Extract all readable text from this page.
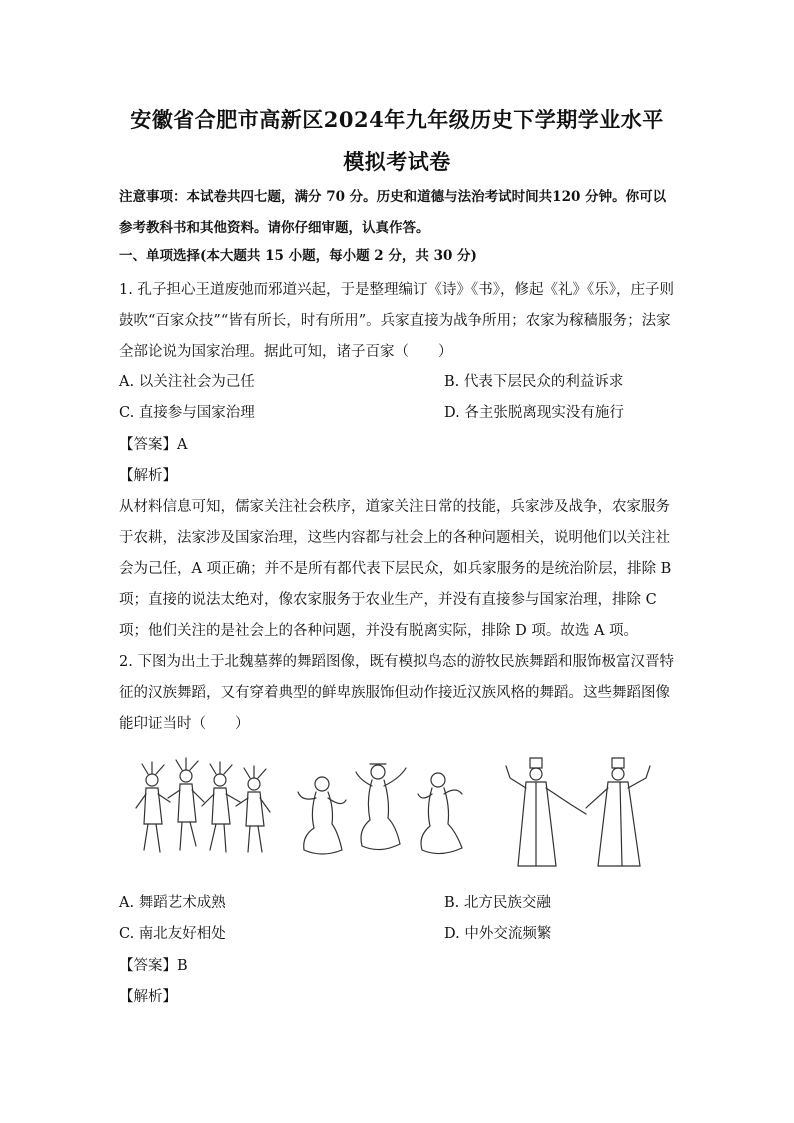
安徽省合肥市高新区2024年九年级历史下学期学业水平
模拟考试卷
注意事项：本试卷共四七题，满分 70 分。历史和道德与法治考试时间共120 分钟。你可以参考教科书和其他资料。请你仔细审题，认真作答。
一、单项选择(本大题共 15 小题，每小题 2 分，共 30 分)
1. 孔子担心王道废弛而邪道兴起，于是整理编订《诗》《书》，修起《礼》《乐》，庄子则鼓吹“百家众技”“皆有所长，时有所用”。兵家直接为战争所用；农家为稼穑服务；法家全部论说为国家治理。据此可知，诸子百家（　　）
A. 以关注社会为己任	B. 代表下层民众的利益诉求
C. 直接参与国家治理	D. 各主张脱离现实没有施行
【答案】A
【解析】
从材料信息可知，儒家关注社会秩序，道家关注日常的技能，兵家涉及战争，农家服务于农耕，法家涉及国家治理，这些内容都与社会上的各种问题相关，说明他们以关注社会为己任，A 项正确；并不是所有都代表下层民众，如兵家服务的是统治阶层，排除 B 项；直接的说法太绝对，像农家服务于农业生产，并没有直接参与国家治理，排除 C 项；他们关注的是社会上的各种问题，并没有脱离实际，排除 D 项。故选 A 项。
2. 下图为出土于北魏墓葬的舞蹈图像，既有模拟鸟态的游牧民族舞蹈和服饰极富汉晋特征的汉族舞蹈，又有穿着典型的鲜卑族服饰但动作接近汉族风格的舞蹈。这些舞蹈图像能印证当时（　　）
A. 舞蹈艺术成熟	B. 北方民族交融
C. 南北友好相处	D. 中外交流频繁
【答案】B
【解析】
